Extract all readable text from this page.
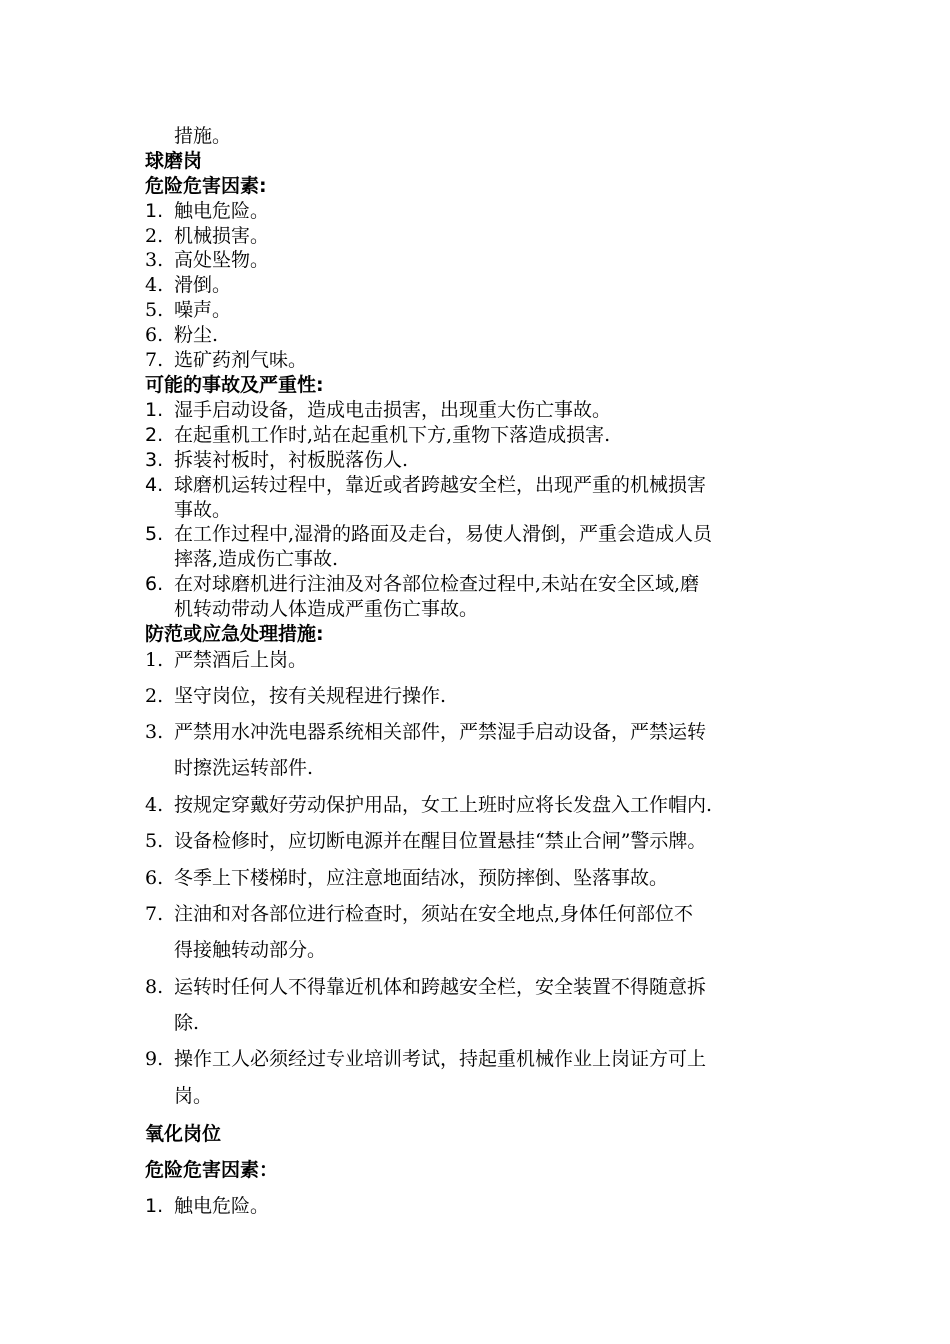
措施。
球磨岗
危险危害因素:
1. 触电危险。
2. 机械损害。
3. 高处坠物。
4. 滑倒。
5. 噪声。
6. 粉尘.
7. 选矿药剂气味。
可能的事故及严重性:
1. 湿手启动设备，造成电击损害，出现重大伤亡事故。
2. 在起重机工作时,站在起重机下方,重物下落造成损害.
3. 拆装衬板时，衬板脱落伤人.
4. 球磨机运转过程中，靠近或者跨越安全栏，出现严重的机械损害
事故。
5. 在工作过程中,湿滑的路面及走台，易使人滑倒，严重会造成人员
摔落,造成伤亡事故.
6. 在对球磨机进行注油及对各部位检查过程中,未站在安全区域,磨
机转动带动人体造成严重伤亡事故。
防范或应急处理措施:
1. 严禁酒后上岗。
2. 坚守岗位，按有关规程进行操作.
3. 严禁用水冲洗电器系统相关部件，严禁湿手启动设备，严禁运转
时擦洗运转部件.
4. 按规定穿戴好劳动保护用品，女工上班时应将长发盘入工作帽内.
5. 设备检修时，应切断电源并在醒目位置悬挂“禁止合闸”警示牌。
6. 冬季上下楼梯时，应注意地面结冰，预防摔倒、坠落事故。
7. 注油和对各部位进行检查时，须站在安全地点,身体任何部位不
得接触转动部分。
8. 运转时任何人不得靠近机体和跨越安全栏，安全装置不得随意拆
除.
9. 操作工人必须经过专业培训考试，持起重机械作业上岗证方可上
岗。
氧化岗位
危险危害因素：
1. 触电危险。
